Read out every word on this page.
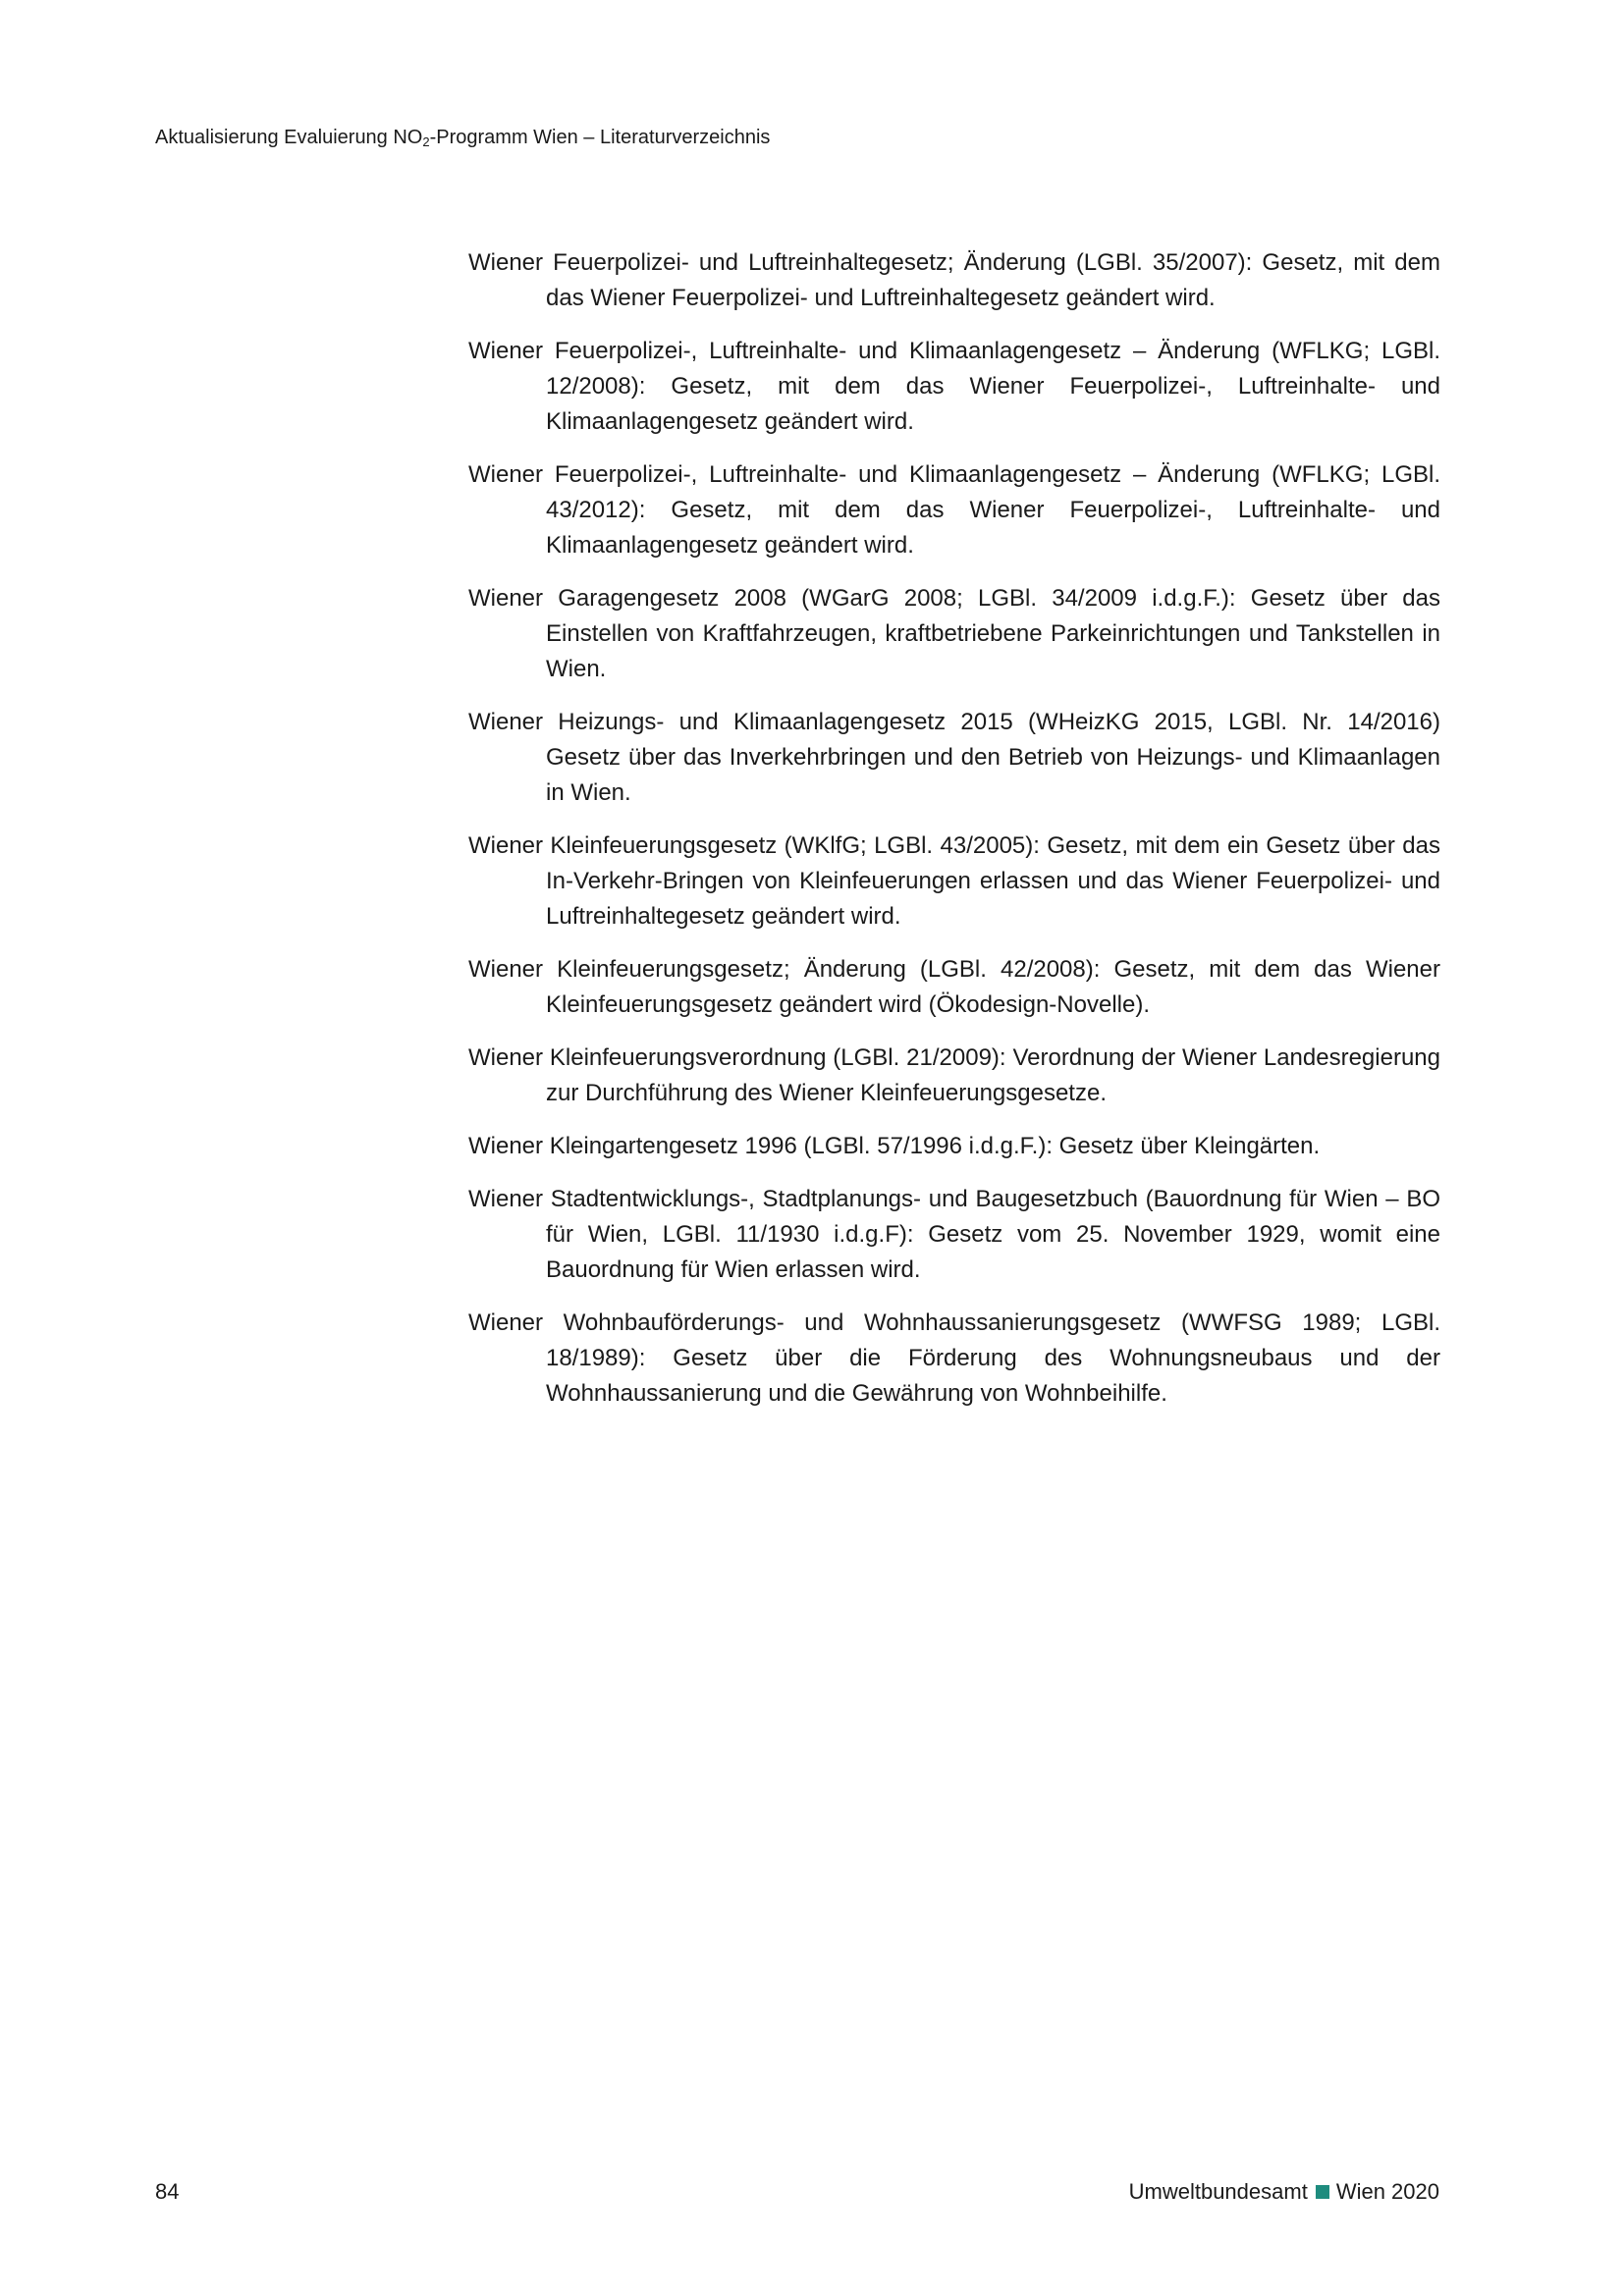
Aktualisierung Evaluierung $NO_2$-Programm Wien – Literaturverzeichnis
Wiener Feuerpolizei- und Luftreinhaltegesetz; Änderung (LGBl. 35/2007): Gesetz, mit dem das Wiener Feuerpolizei- und Luftreinhaltegesetz geändert wird.
Wiener Feuerpolizei-, Luftreinhalte- und Klimaanlagengesetz – Änderung (WFLKG; LGBl. 12/2008): Gesetz, mit dem das Wiener Feuerpolizei-, Luftreinhalte- und Klimaanlagengesetz geändert wird.
Wiener Feuerpolizei-, Luftreinhalte- und Klimaanlagengesetz – Änderung (WFLKG; LGBl. 43/2012): Gesetz, mit dem das Wiener Feuerpolizei-, Luftreinhalte- und Klimaanlagengesetz geändert wird.
Wiener Garagengesetz 2008 (WGarG 2008; LGBl. 34/2009 i.d.g.F.): Gesetz über das Einstellen von Kraftfahrzeugen, kraftbetriebene Parkeinrichtungen und Tankstellen in Wien.
Wiener Heizungs- und Klimaanlagengesetz 2015 (WHeizKG 2015, LGBl. Nr. 14/2016) Gesetz über das Inverkehrbringen und den Betrieb von Heizungs- und Klimaanlagen in Wien.
Wiener Kleinfeuerungsgesetz (WKlfG; LGBl. 43/2005): Gesetz, mit dem ein Gesetz über das In-Verkehr-Bringen von Kleinfeuerungen erlassen und das Wiener Feuerpolizei- und Luftreinhaltegesetz geändert wird.
Wiener Kleinfeuerungsgesetz; Änderung (LGBl. 42/2008): Gesetz, mit dem das Wiener Kleinfeuerungsgesetz geändert wird (Ökodesign-Novelle).
Wiener Kleinfeuerungsverordnung (LGBl. 21/2009): Verordnung der Wiener Landesregierung zur Durchführung des Wiener Kleinfeuerungsgesetze.
Wiener Kleingartengesetz 1996 (LGBl. 57/1996 i.d.g.F.): Gesetz über Kleingärten.
Wiener Stadtentwicklungs-, Stadtplanungs- und Baugesetzbuch (Bauordnung für Wien – BO für Wien, LGBl. 11/1930 i.d.g.F): Gesetz vom 25. November 1929, womit eine Bauordnung für Wien erlassen wird.
Wiener Wohnbauförderungs- und Wohnhaussanierungsgesetz (WWFSG 1989; LGBl. 18/1989): Gesetz über die Förderung des Wohnungsneubaus und der Wohnhaussanierung und die Gewährung von Wohnbeihilfe.
84	Umweltbundesamt Wien 2020
